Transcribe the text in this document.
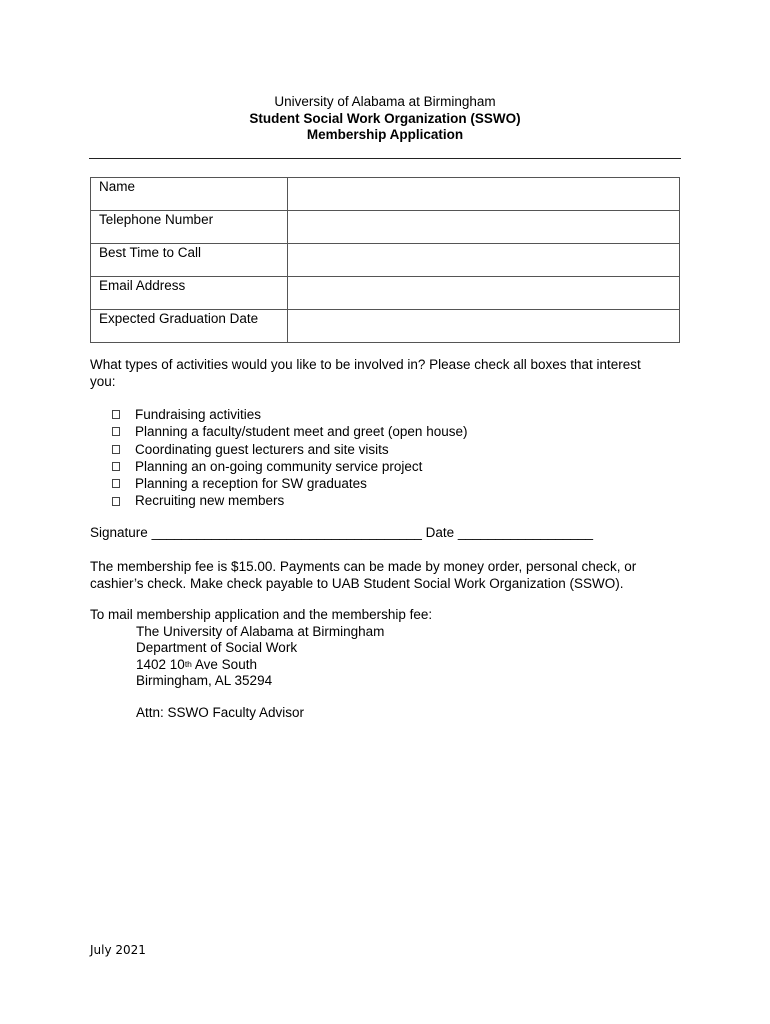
University of Alabama at Birmingham
Student Social Work Organization (SSWO)
Membership Application
Name	
Telephone Number	
Best Time to Call	
Email Address	
Expected Graduation Date	
What types of activities would you like to be involved in? Please check all boxes that interest you:
Fundraising activities
Planning a faculty/student meet and greet (open house)
Coordinating guest lecturers and site visits
Planning an on-going community service project
Planning a reception for SW graduates
Recruiting new members
Signature ____________________________________ Date __________________
The membership fee is $15.00. Payments can be made by money order, personal check, or cashier’s check. Make check payable to UAB Student Social Work Organization (SSWO).
To mail membership application and the membership fee:
The University of Alabama at Birmingham
Department of Social Work
1402 10th Ave South
Birmingham, AL 35294
Attn: SSWO Faculty Advisor
July 2021
